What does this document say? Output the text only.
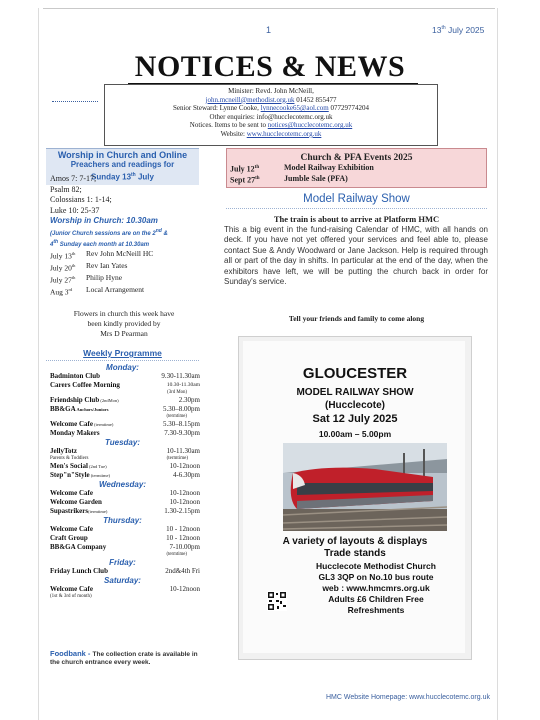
1	13th July 2025
NOTICES & NEWS
Minister: Revd. John McNeill,
john.mcneill@methodist.org.uk 01452 855477
Senior Steward: Lynne Cooke, lynnecooke65@aol.com 07729774204
Other enquiries: info@hucclecotemc.org.uk
Notices. Items to be sent to notices@hucclecotemc.org.uk
Website: www.hucclecotemc.org.uk
Worship in Church and Online
Preachers and readings for
Sunday 13th July
Amos 7: 7-17;
Psalm 82;
Colossians 1: 1-14;
Luke 10: 25-37
Worship in Church: 10.30am
(Junior Church sessions are on the 2nd &
4th Sunday each month at 10.30am
July 13th	Rev John McNeill HC
July 20th	Rev Ian Yates
July 27th	Philip Hyne
Aug 3rd	Local Arrangement
Flowers in church this week have
been kindly provided by
Mrs D Pearman
Weekly Programme
Monday:
Badminton Club	9.30-11.30am
Carers Coffee Morning	10.30-11.30am
(3rd Mon)
Friendship Club (2ndMon)	2.30pm
BB&GA Anchors/Juniors	5.30–8.00pm
(termtime)
Welcome Cafe (termtime)	5.30–8.15pm
Monday Makers	7.30-9.30pm
Tuesday:
JellyTotz	10-11.30am
Parents & Toddlers	(termtime)
Men's Social (2nd Tue)	10-12noon
Step"n"Style (termtime)	4-6.30pm
Wednesday:
Welcome Cafe	10-12noon
Welcome Garden	10-12noon
Supastrikers(termtime)	1.30-2.15pm
Thursday:
Welcome Cafe	10 - 12noon
Craft Group	10 - 12noon
BB&GA Company	7-10.00pm
(termtime)
Friday:
Friday Lunch Club	2nd&4th Fri
Saturday:
Welcome Cafe	10-12noon
(1st & 3rd of month)
Foodbank - The collection crate is available in the church entrance every week.
Church & PFA Events 2025
July 12th	Model Railway Exhibition
Sept 27th	Jumble Sale (PFA)
Model Railway Show
The train is about to arrive at Platform HMC
This a big event in the fund-raising Calendar of HMC, with all hands on deck. If you have not yet offered your services and feel able to, please contact Sue & Andy Woodward or Jane Jackson. Help is required through all or part of the day in shifts. In particular at the end of the day, when the exhibitors have left, we will be putting the church back in order for Sunday's service.
Tell your friends and family to come along
GLOUCESTER
MODEL RAILWAY SHOW
(Hucclecote)
Sat 12 July 2025
10.00am – 5.00pm
A variety of layouts & displays
Trade stands
Hucclecote Methodist Church
GL3 3QP on No.10 bus route
web : www.hmcmrs.org.uk
Adults £6 Children Free
Refreshments
HMC Website Homepage: www.hucclecotemc.org.uk
